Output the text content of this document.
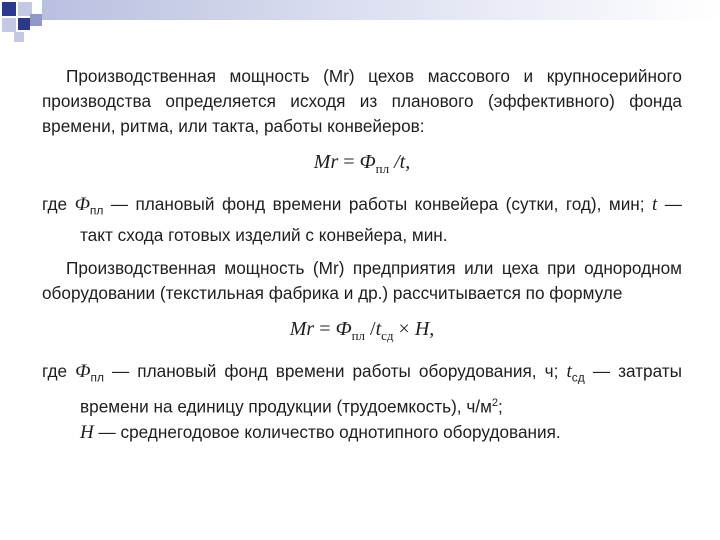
Производственная мощность (Mr) цехов массового и крупносерийного производства определяется исходя из планового (эффективного) фонда времени, ритма, или такта, работы конвейеров:

$Mr = Ф_{пл}$ /t,

где $Ф_{пл}$ — плановый фонд времени работы конвейера (сутки, год), мин; t — такт схода готовых изделий с конвейера, мин.

Производственная мощность (Mr) предприятия или цеха при однородном оборудовании (текстильная фабрика и др.) рассчитывается по формуле

$Mr = Ф_{пл}$ $/t_{сд} \times H$,

где $Ф_{пл}$ — плановый фонд времени работы оборудования, ч; $t_{сд}$ — затраты времени на единицу продукции (трудоемкость), $ч/м^2$;
H — среднегодовое количество однотипного оборудования.
